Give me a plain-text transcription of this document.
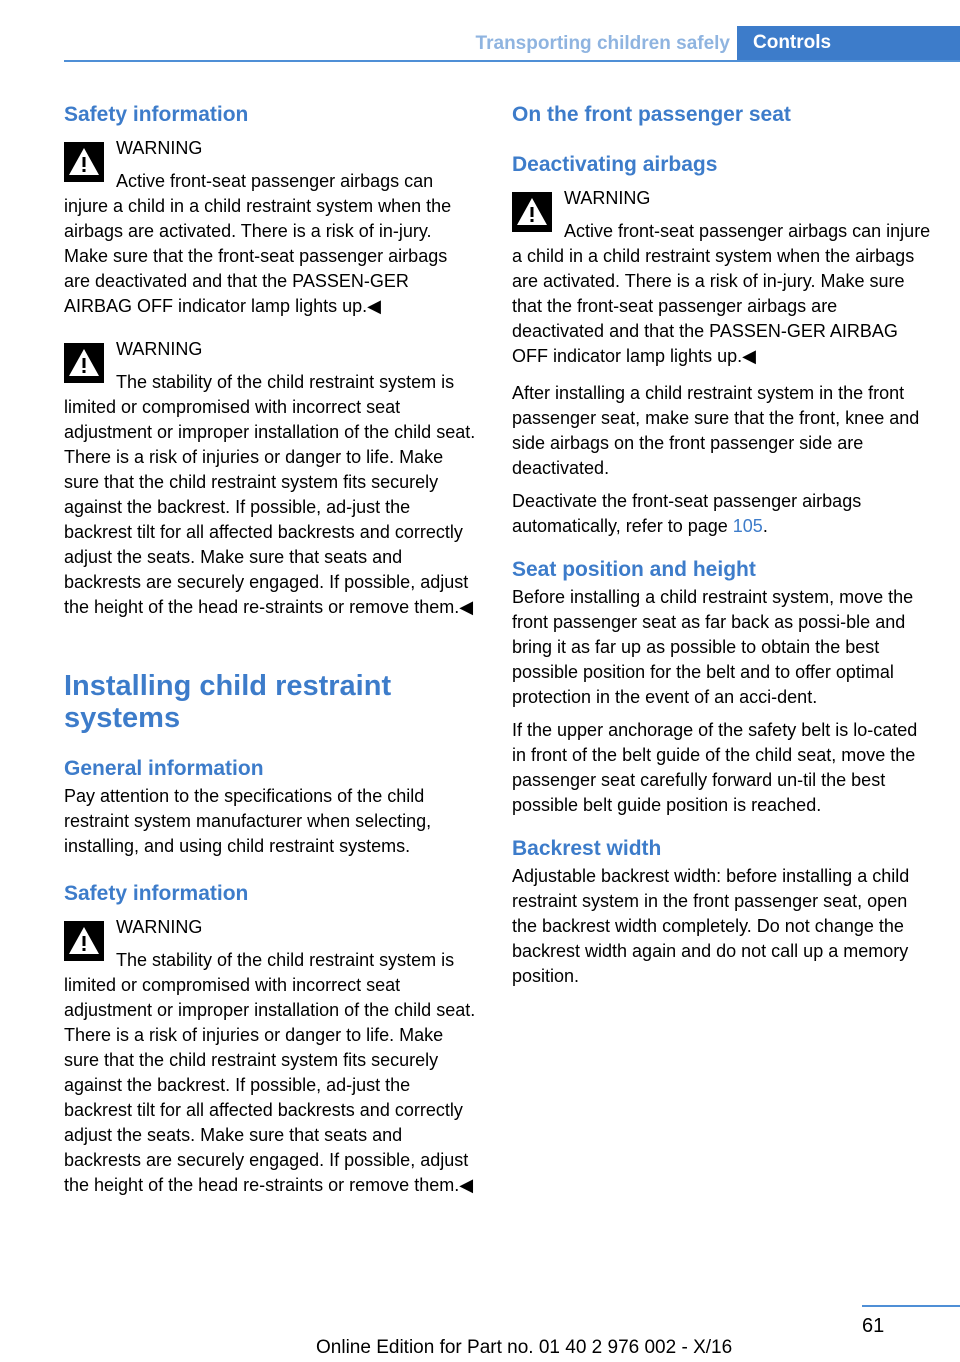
Transporting children safely	Controls
Safety information
WARNING

Active front-seat passenger airbags can injure a child in a child restraint system when the airbags are activated. There is a risk of in-jury. Make sure that the front-seat passenger airbags are deactivated and that the PASSEN-GER AIRBAG OFF indicator lamp lights up.◀

WARNING

The stability of the child restraint system is limited or compromised with incorrect seat adjustment or improper installation of the child seat. There is a risk of injuries or danger to life. Make sure that the child restraint system fits securely against the backrest. If possible, ad-just the backrest tilt for all affected backrests and correctly adjust the seats. Make sure that seats and backrests are securely engaged. If possible, adjust the height of the head re-straints or remove them.◀

Installing child restraint systems
General information

Pay attention to the specifications of the child restraint system manufacturer when selecting, installing, and using child restraint systems.

Safety information
WARNING

The stability of the child restraint system is limited or compromised with incorrect seat adjustment or improper installation of the child seat. There is a risk of injuries or danger to life. Make sure that the child restraint system fits securely against the backrest. If possible, ad-just the backrest tilt for all affected backrests and correctly adjust the seats. Make sure that seats and backrests are securely engaged. If possible, adjust the height of the head re-straints or remove them.◀

On the front passenger seat
Deactivating airbags
WARNING

Active front-seat passenger airbags can injure a child in a child restraint system when the airbags are activated. There is a risk of in-jury. Make sure that the front-seat passenger airbags are deactivated and that the PASSEN-GER AIRBAG OFF indicator lamp lights up.◀

After installing a child restraint system in the front passenger seat, make sure that the front, knee and side airbags on the front passenger side are deactivated.

Deactivate the front-seat passenger airbags automatically, refer to page 105.

Seat position and height

Before installing a child restraint system, move the front passenger seat as far back as possi-ble and bring it as far up as possible to obtain the best possible position for the belt and to offer optimal protection in the event of an acci-dent.

If the upper anchorage of the safety belt is lo-cated in front of the belt guide of the child seat, move the passenger seat carefully forward un-til the best possible belt guide position is reached.

Backrest width

Adjustable backrest width: before installing a child restraint system in the front passenger seat, open the backrest width completely. Do not change the backrest width again and do not call up a memory position.

61
Online Edition for Part no. 01 40 2 976 002 - X/16
